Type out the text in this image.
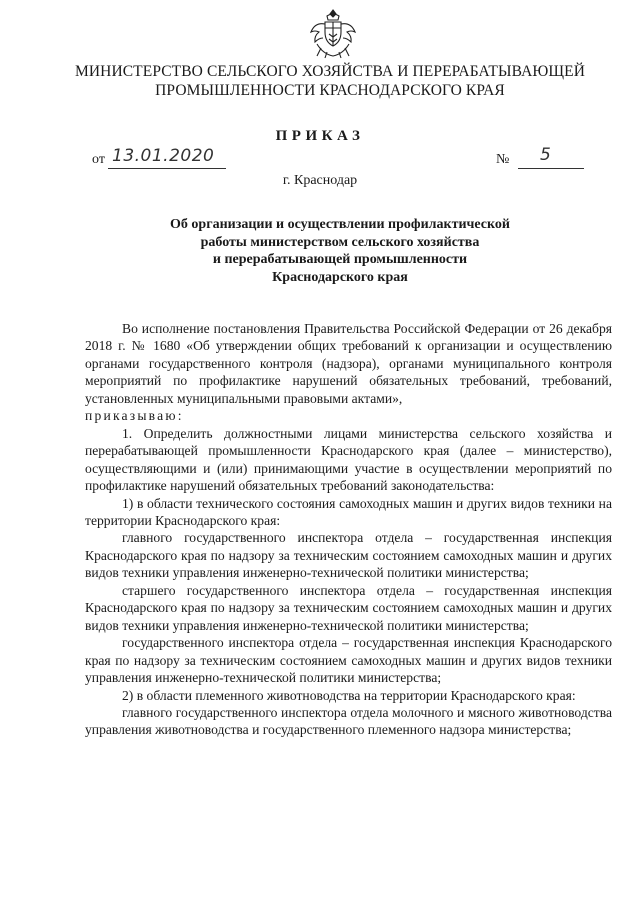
МИНИСТЕРСТВО СЕЛЬСКОГО ХОЗЯЙСТВА И ПЕРЕРАБАТЫВАЮЩЕЙ
ПРОМЫШЛЕННОСТИ КРАСНОДАРСКОГО КРАЯ
ПРИКАЗ
от 13.01.2020	№ 5
г. Краснодар
Об организации и осуществлении профилактической
работы министерством сельского хозяйства
и перерабатывающей промышленности
Краснодарского края

Во исполнение постановления Правительства Российской Федерации от 26 декабря 2018 г. № 1680 «Об утверждении общих требований к организации и осуществлению органами государственного контроля (надзора), органами муниципального контроля мероприятий по профилактике нарушений обязательных требований, требований, установленных муниципальными правовыми актами»,

приказываю:

1. Определить должностными лицами министерства сельского хозяйства и перерабатывающей промышленности Краснодарского края (далее – министерство), осуществляющими и (или) принимающими участие в осуществлении мероприятий по профилактике нарушений обязательных требований законодательства:

1) в области технического состояния самоходных машин и других видов техники на территории Краснодарского края:

главного государственного инспектора отдела – государственная инспекция Краснодарского края по надзору за техническим состоянием самоходных машин и других видов техники управления инженерно-технической политики министерства;

старшего государственного инспектора отдела – государственная инспекция Краснодарского края по надзору за техническим состоянием самоходных машин и других видов техники управления инженерно-технической политики министерства;

государственного инспектора отдела – государственная инспекция Краснодарского края по надзору за техническим состоянием самоходных машин и других видов техники управления инженерно-технической политики министерства;

2) в области племенного животноводства на территории Краснодарского края:

главного государственного инспектора отдела молочного и мясного животноводства управления животноводства и государственного племенного надзора министерства;
